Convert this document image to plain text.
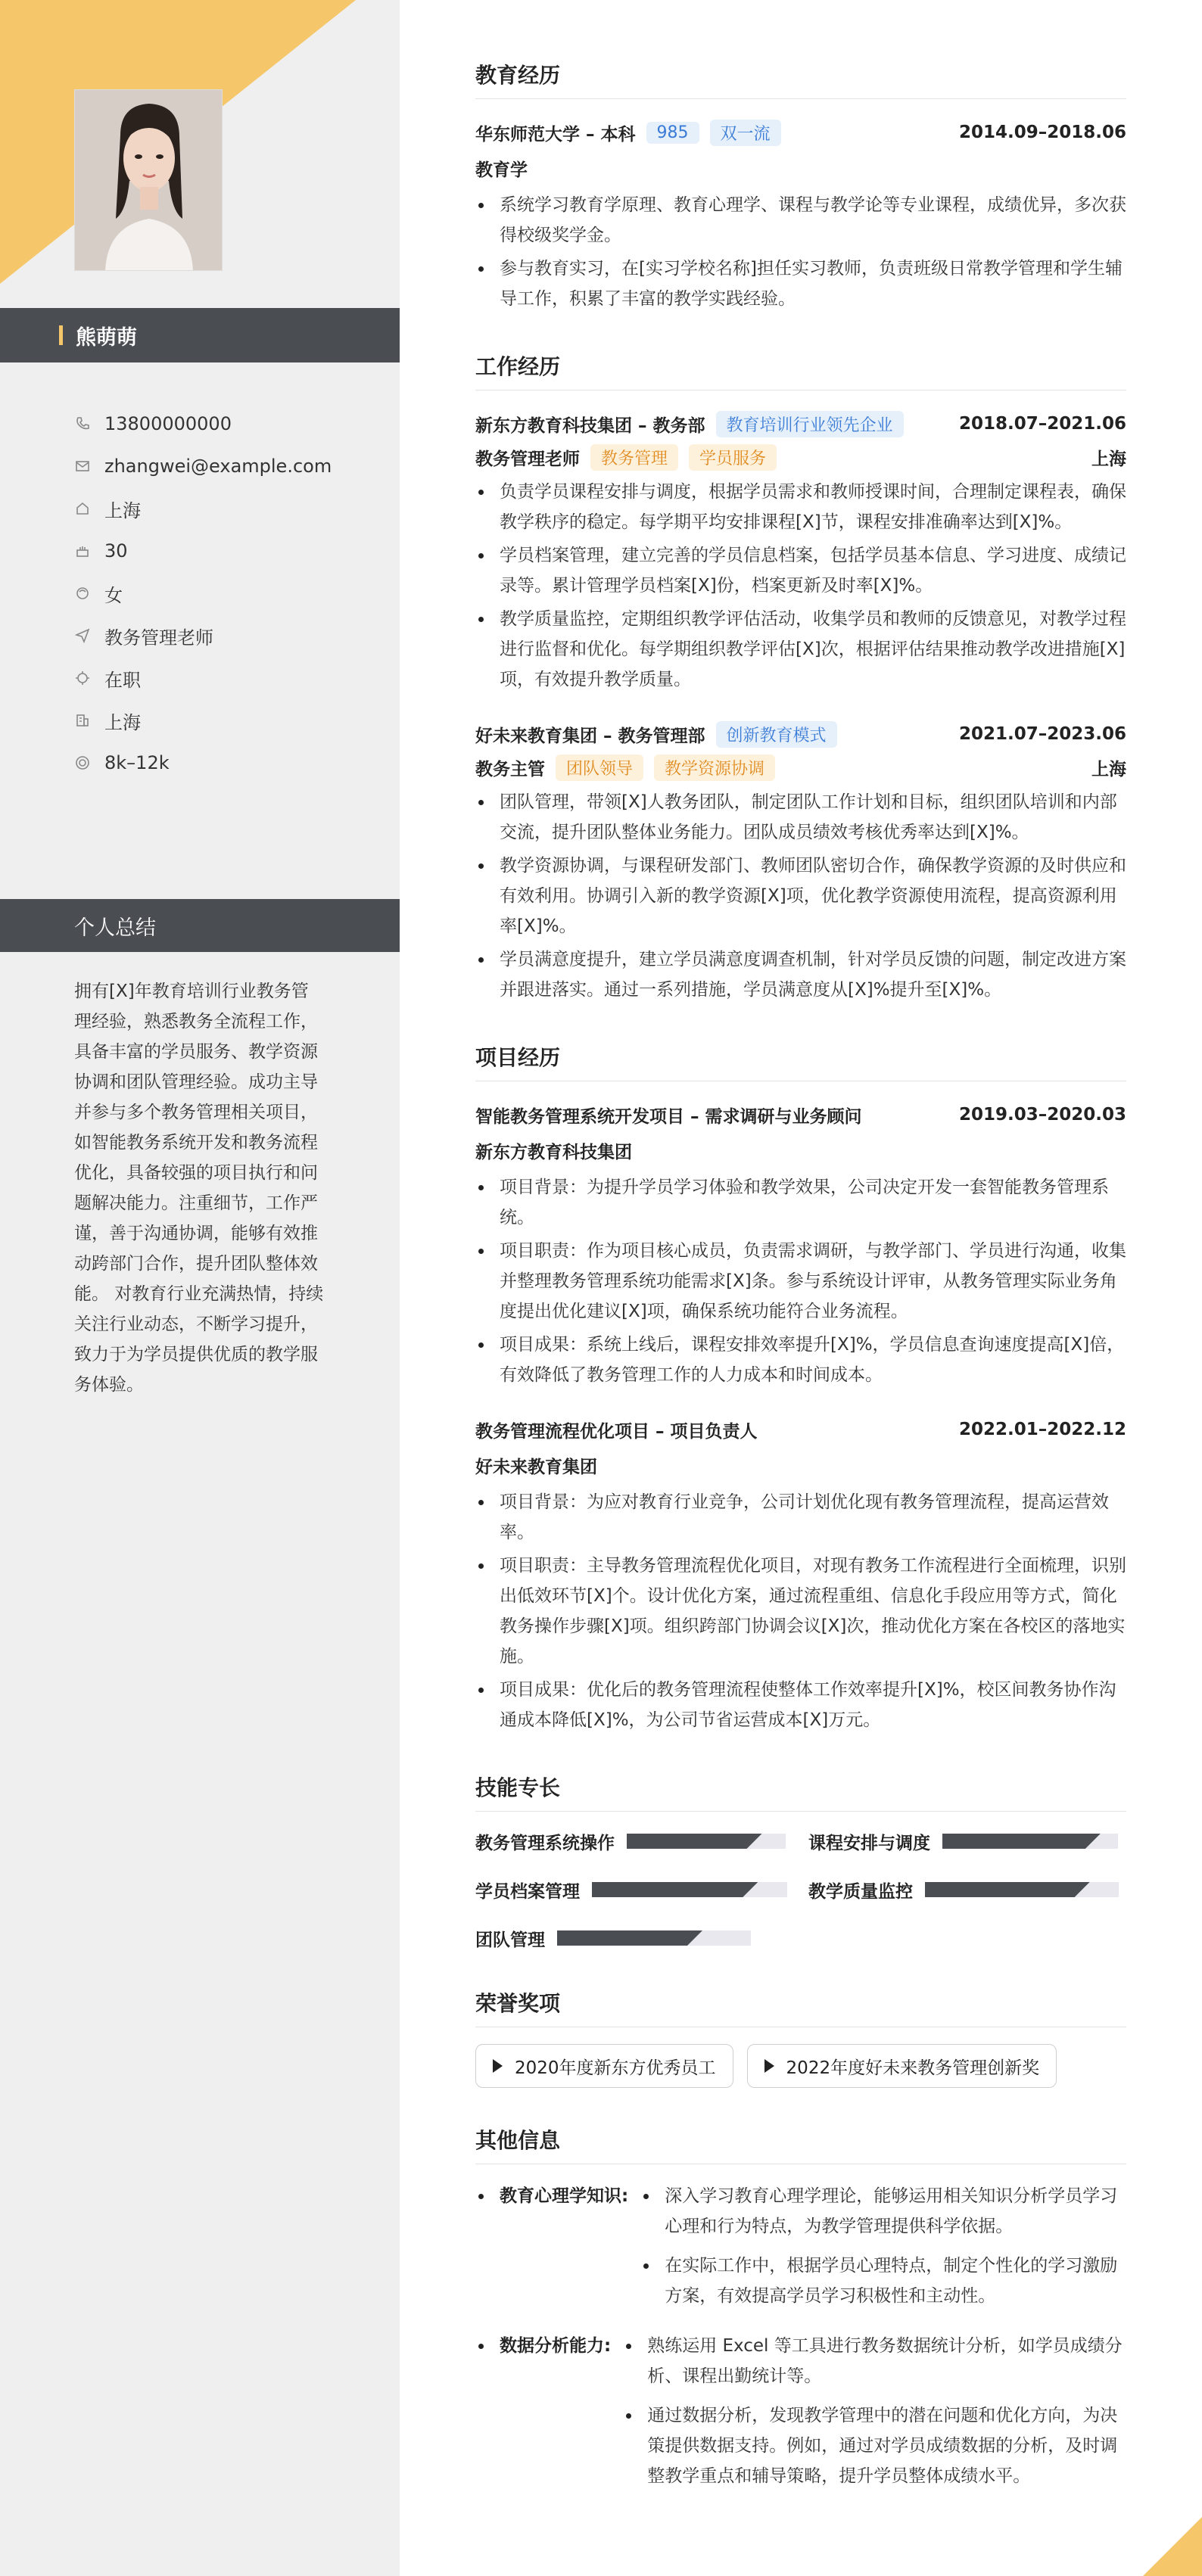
熊萌萌
13800000000
zhangwei@example.com
上海
30
女
教务管理老师
在职
上海
8k–12k
个人总结

拥有[X]年教育培训行业教务管理经验，熟悉教务全流程工作，具备丰富的学员服务、教学资源协调和团队管理经验。成功主导并参与多个教务管理相关项目，如智能教务系统开发和教务流程优化，具备较强的项目执行和问题解决能力。注重细节，工作严谨，善于沟通协调，能够有效推动跨部门合作，提升团队整体效能。 对教育行业充满热情，持续关注行业动态，不断学习提升，致力于为学员提供优质的教学服务体验。

教育经历
华东师范大学 – 本科	985	双一流	2014.09–2018.06
教育学
系统学习教育学原理、教育心理学、课程与教学论等专业课程，成绩优异，多次获得校级奖学金。
参与教育实习，在[实习学校名称]担任实习教师，负责班级日常教学管理和学生辅导工作，积累了丰富的教学实践经验。
工作经历
新东方教育科技集团 – 教务部	教育培训行业领先企业	2018.07–2021.06
教务管理老师	教务管理	学员服务	上海
负责学员课程安排与调度，根据学员需求和教师授课时间，合理制定课程表，确保教学秩序的稳定。每学期平均安排课程[X]节，课程安排准确率达到[X]%。
学员档案管理，建立完善的学员信息档案，包括学员基本信息、学习进度、成绩记录等。累计管理学员档案[X]份，档案更新及时率[X]%。
教学质量监控，定期组织教学评估活动，收集学员和教师的反馈意见，对教学过程进行监督和优化。每学期组织教学评估[X]次，根据评估结果推动教学改进措施[X]项，有效提升教学质量。
好未来教育集团 – 教务管理部	创新教育模式	2021.07–2023.06
教务主管	团队领导	教学资源协调	上海
团队管理，带领[X]人教务团队，制定团队工作计划和目标，组织团队培训和内部交流，提升团队整体业务能力。团队成员绩效考核优秀率达到[X]%。
教学资源协调，与课程研发部门、教师团队密切合作，确保教学资源的及时供应和有效利用。协调引入新的教学资源[X]项，优化教学资源使用流程，提高资源利用率[X]%。
学员满意度提升，建立学员满意度调查机制，针对学员反馈的问题，制定改进方案并跟进落实。通过一系列措施，学员满意度从[X]%提升至[X]%。
项目经历
智能教务管理系统开发项目 – 需求调研与业务顾问	2019.03–2020.03
新东方教育科技集团
项目背景：为提升学员学习体验和教学效果，公司决定开发一套智能教务管理系统。
项目职责：作为项目核心成员，负责需求调研，与教学部门、学员进行沟通，收集并整理教务管理系统功能需求[X]条。参与系统设计评审，从教务管理实际业务角度提出优化建议[X]项，确保系统功能符合业务流程。
项目成果：系统上线后，课程安排效率提升[X]%，学员信息查询速度提高[X]倍，有效降低了教务管理工作的人力成本和时间成本。
教务管理流程优化项目 – 项目负责人	2022.01–2022.12
好未来教育集团
项目背景：为应对教育行业竞争，公司计划优化现有教务管理流程，提高运营效率。
项目职责：主导教务管理流程优化项目，对现有教务工作流程进行全面梳理，识别出低效环节[X]个。设计优化方案，通过流程重组、信息化手段应用等方式，简化教务操作步骤[X]项。组织跨部门协调会议[X]次，推动优化方案在各校区的落地实施。
项目成果：优化后的教务管理流程使整体工作效率提升[X]%，校区间教务协作沟通成本降低[X]%，为公司节省运营成本[X]万元。
技能专长
教务管理系统操作	课程安排与调度
学员档案管理	教学质量监控
团队管理
荣誉奖项
2020年度新东方优秀员工	2022年度好未来教务管理创新奖
其他信息
教育心理学知识:	深入学习教育心理学理论，能够运用相关知识分析学员学习心理和行为特点，为教学管理提供科学依据。
在实际工作中，根据学员心理特点，制定个性化的学习激励方案，有效提高学员学习积极性和主动性。
数据分析能力:	熟练运用 Excel 等工具进行教务数据统计分析，如学员成绩分析、课程出勤统计等。
通过数据分析，发现教学管理中的潜在问题和优化方向，为决策提供数据支持。例如，通过对学员成绩数据的分析，及时调整教学重点和辅导策略，提升学员整体成绩水平。
